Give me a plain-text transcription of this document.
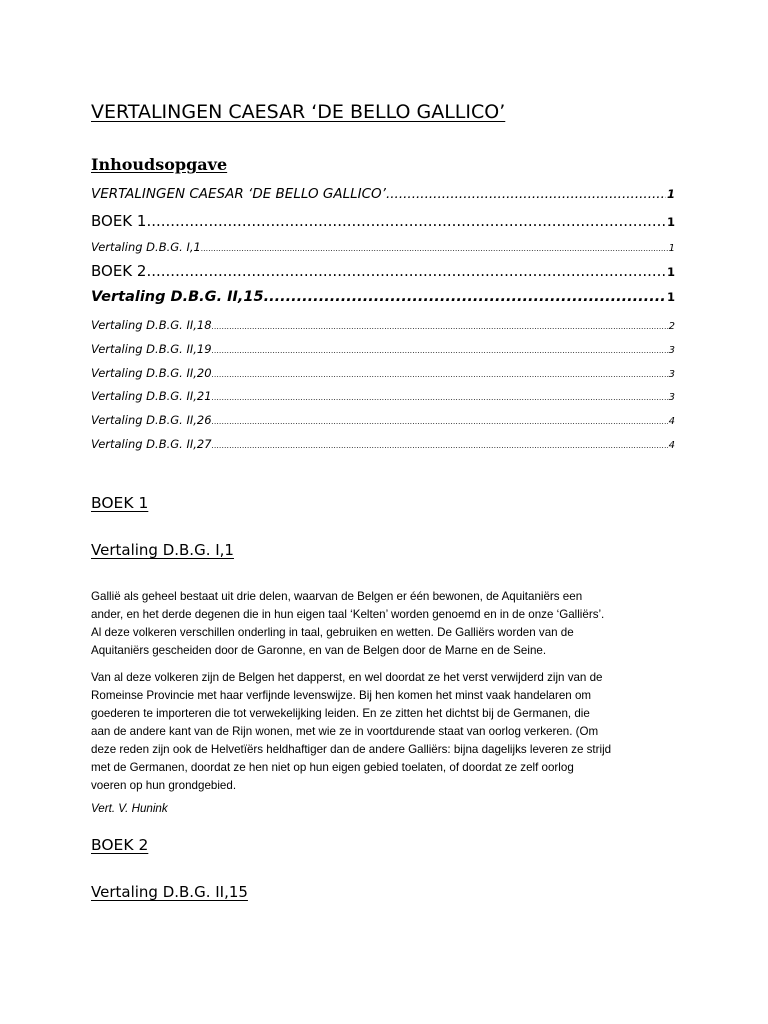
VERTALINGEN CAESAR ‘DE BELLO GALLICO’
Inhoudsopgave
VERTALINGEN CAESAR ‘DE BELLO GALLICO’ .....	1
BOEK 1 .....	1
Vertaling D.B.G. I,1 .....	1
BOEK 2 .....	1
Vertaling D.B.G. II,15 .....	1
Vertaling D.B.G. II,18 .....	2
Vertaling D.B.G. II,19 .....	3
Vertaling D.B.G. II,20 .....	3
Vertaling D.B.G. II,21 .....	3
Vertaling D.B.G. II,26 .....	4
Vertaling D.B.G. II,27 .....	4
BOEK 1
Vertaling D.B.G. I,1

Gallië als geheel bestaat uit drie delen, waarvan de Belgen er één bewonen, de Aquitaniërs een
ander, en het derde degenen die in hun eigen taal ‘Kelten’ worden genoemd en in de onze ‘Galliërs’.
Al deze volkeren verschillen onderling in taal, gebruiken en wetten. De Galliërs worden van de
Aquitaniërs gescheiden door de Garonne, en van de Belgen door de Marne en de Seine.

Van al deze volkeren zijn de Belgen het dapperst, en wel doordat ze het verst verwijderd zijn van de
Romeinse Provincie met haar verfijnde levenswijze. Bij hen komen het minst vaak handelaren om
goederen te importeren die tot verwekelijking leiden. En ze zitten het dichtst bij de Germanen, die
aan de andere kant van de Rijn wonen, met wie ze in voortdurende staat van oorlog verkeren. (Om
deze reden zijn ook de Helvetïërs heldhaftiger dan de andere Galliërs: bijna dagelijks leveren ze strijd
met de Germanen, doordat ze hen niet op hun eigen gebied toelaten, of doordat ze zelf oorlog
voeren op hun grondgebied.

Vert. V. Hunink

BOEK 2
Vertaling D.B.G. II,15
